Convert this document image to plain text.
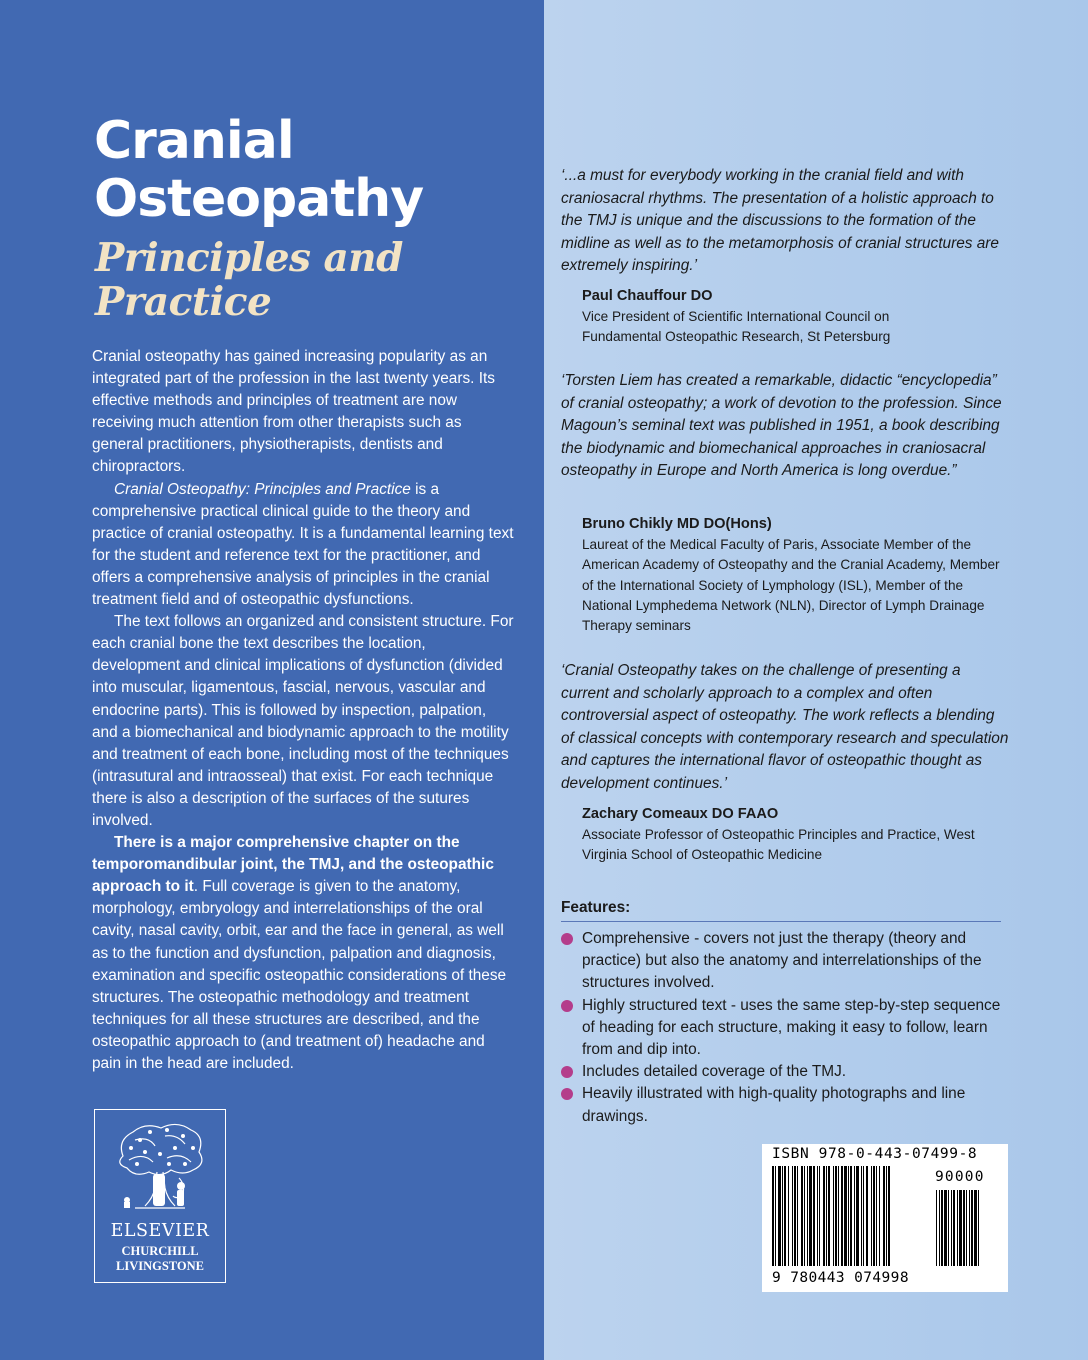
Cranial
Osteopathy
Principles and
Practice

Cranial osteopathy has gained increasing popularity as an integrated part of the profession in the last twenty years. Its effective methods and principles of treatment are now receiving much attention from other therapists such as general practitioners, physiotherapists, dentists and chiropractors.

Cranial Osteopathy: Principles and Practice is a comprehensive practical clinical guide to the theory and practice of cranial osteopathy. It is a fundamental learning text for the student and reference text for the practitioner, and offers a comprehensive analysis of principles in the cranial treatment field and of osteopathic dysfunctions.

The text follows an organized and consistent structure. For each cranial bone the text describes the location, development and clinical implications of dysfunction (divided into muscular, ligamentous, fascial, nervous, vascular and endocrine parts). This is followed by inspection, palpation, and a biomechanical and biodynamic approach to the motility and treatment of each bone, including most of the techniques (intrasutural and intraosseal) that exist. For each technique there is also a description of the surfaces of the sutures involved.

There is a major comprehensive chapter on the temporomandibular joint, the TMJ, and the osteopathic approach to it. Full coverage is given to the anatomy, morphology, embryology and interrelationships of the oral cavity, nasal cavity, orbit, ear and the face in general, as well as to the function and dysfunction, palpation and diagnosis, examination and specific osteopathic considerations of these structures. The osteopathic methodology and treatment techniques for all these structures are described, and the osteopathic approach to (and treatment of) headache and pain in the head are included.

ELSEVIER
CHURCHILL
LIVINGSTONE
‘...a must for everybody working in the cranial field and with craniosacral rhythms. The presentation of a holistic approach to the TMJ is unique and the discussions to the formation of the midline as well as to the metamorphosis of cranial structures are extremely inspiring.’
Paul Chauffour DO
Vice President of Scientific International Council on Fundamental Osteopathic Research, St Petersburg
‘Torsten Liem has created a remarkable, didactic “encyclopedia” of cranial osteopathy; a work of devotion to the profession. Since Magoun’s seminal text was published in 1951, a book describing the biodynamic and biomechanical approaches in craniosacral osteopathy in Europe and North America is long overdue.”
Bruno Chikly MD DO(Hons)
Laureat of the Medical Faculty of Paris, Associate Member of the American Academy of Osteopathy and the Cranial Academy, Member of the International Society of Lymphology (ISL), Member of the National Lymphedema Network (NLN), Director of Lymph Drainage Therapy seminars
‘Cranial Osteopathy takes on the challenge of presenting a current and scholarly approach to a complex and often controversial aspect of osteopathy. The work reflects a blending of classical concepts with contemporary research and speculation and captures the international flavor of osteopathic thought as development continues.’
Zachary Comeaux DO FAAO
Associate Professor of Osteopathic Principles and Practice, West Virginia School of Osteopathic Medicine
Features:
Comprehensive - covers not just the therapy (theory and practice) but also the anatomy and interrelationships of the structures involved.
Highly structured text - uses the same step-by-step sequence of heading for each structure, making it easy to follow, learn from and dip into.
Includes detailed coverage of the TMJ.
Heavily illustrated with high-quality photographs and line drawings.
ISBN 978-0-443-07499-8
90000
9 780443 074998
